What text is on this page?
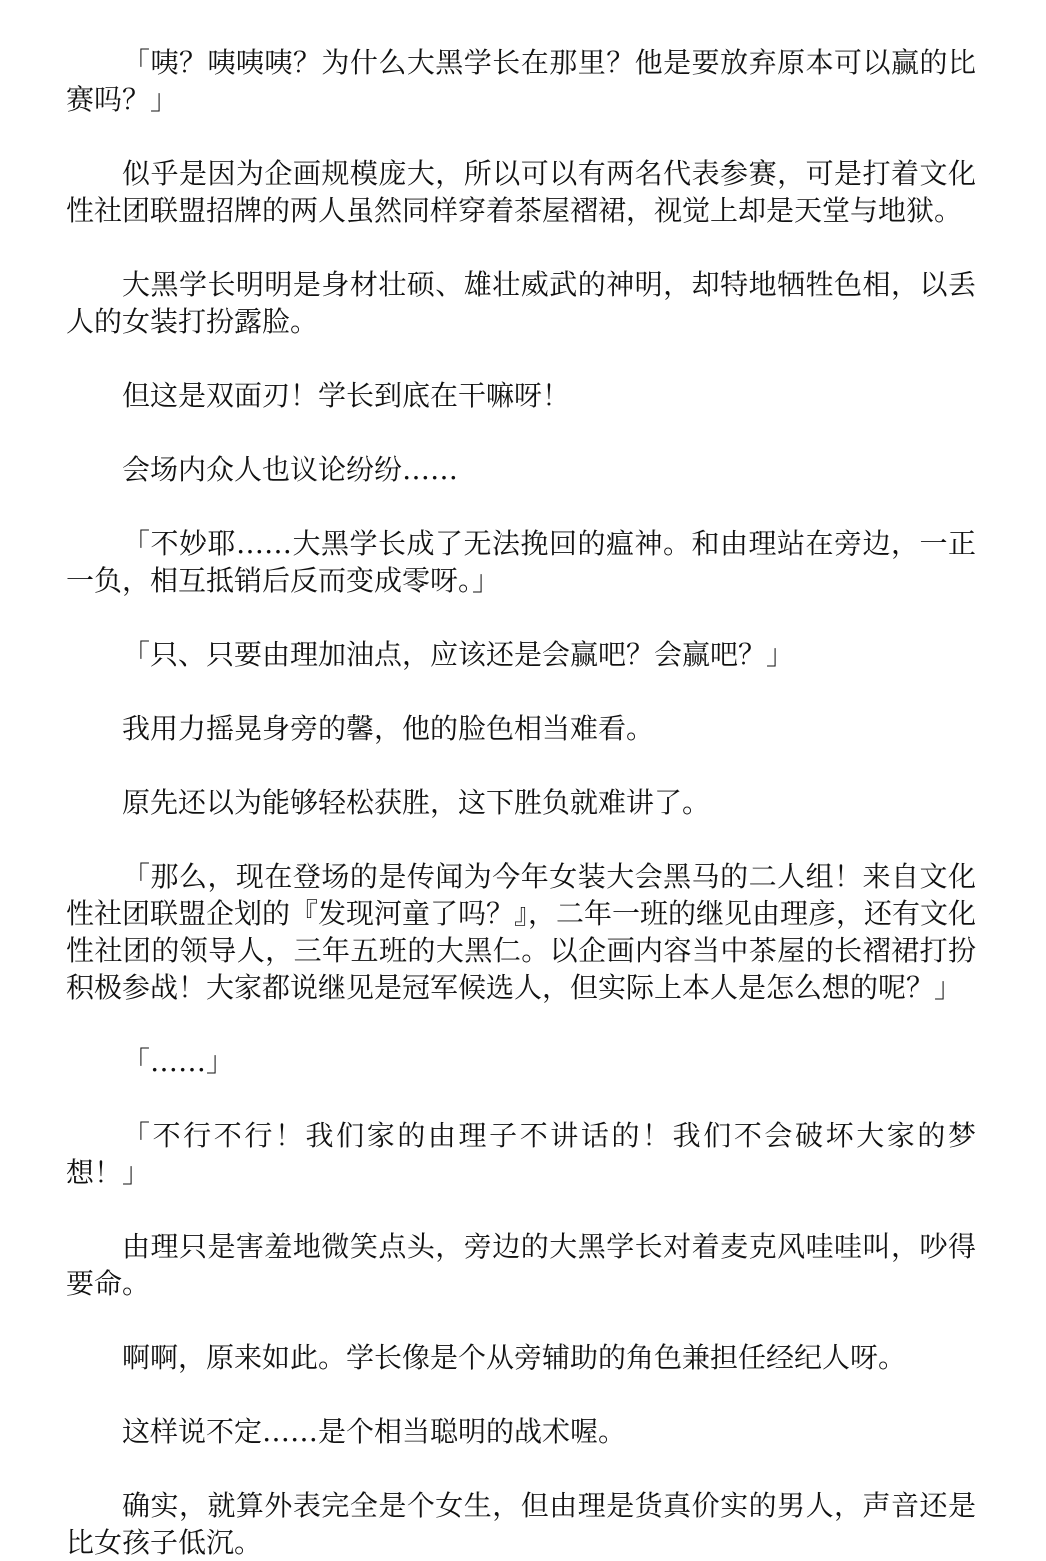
「咦？咦咦咦？为什么大黑学长在那里？他是要放弃原本可以赢的比赛吗？」

似乎是因为企画规模庞大，所以可以有两名代表参赛，可是打着文化性社团联盟招牌的两人虽然同样穿着茶屋褶裙，视觉上却是天堂与地狱。

大黑学长明明是身材壮硕、雄壮威武的神明，却特地牺牲色相，以丢人的女装打扮露脸。

但这是双面刃！学长到底在干嘛呀！

会场内众人也议论纷纷……

「不妙耶……大黑学长成了无法挽回的瘟神。和由理站在旁边，一正一负，相互抵销后反而变成零呀。」

「只、只要由理加油点，应该还是会赢吧？会赢吧？」

我用力摇晃身旁的馨，他的脸色相当难看。

原先还以为能够轻松获胜，这下胜负就难讲了。

「那么，现在登场的是传闻为今年女装大会黑马的二人组！来自文化性社团联盟企划的『发现河童了吗？』，二年一班的继见由理彦，还有文化性社团的领导人，三年五班的大黑仁。以企画内容当中茶屋的长褶裙打扮积极参战！大家都说继见是冠军候选人，但实际上本人是怎么想的呢？」

「……」

「不行不行！我们家的由理子不讲话的！我们不会破坏大家的梦想！」

由理只是害羞地微笑点头，旁边的大黑学长对着麦克风哇哇叫，吵得要命。

啊啊，原来如此。学长像是个从旁辅助的角色兼担任经纪人呀。

这样说不定……是个相当聪明的战术喔。

确实，就算外表完全是个女生，但由理是货真价实的男人，声音还是比女孩子低沉。
